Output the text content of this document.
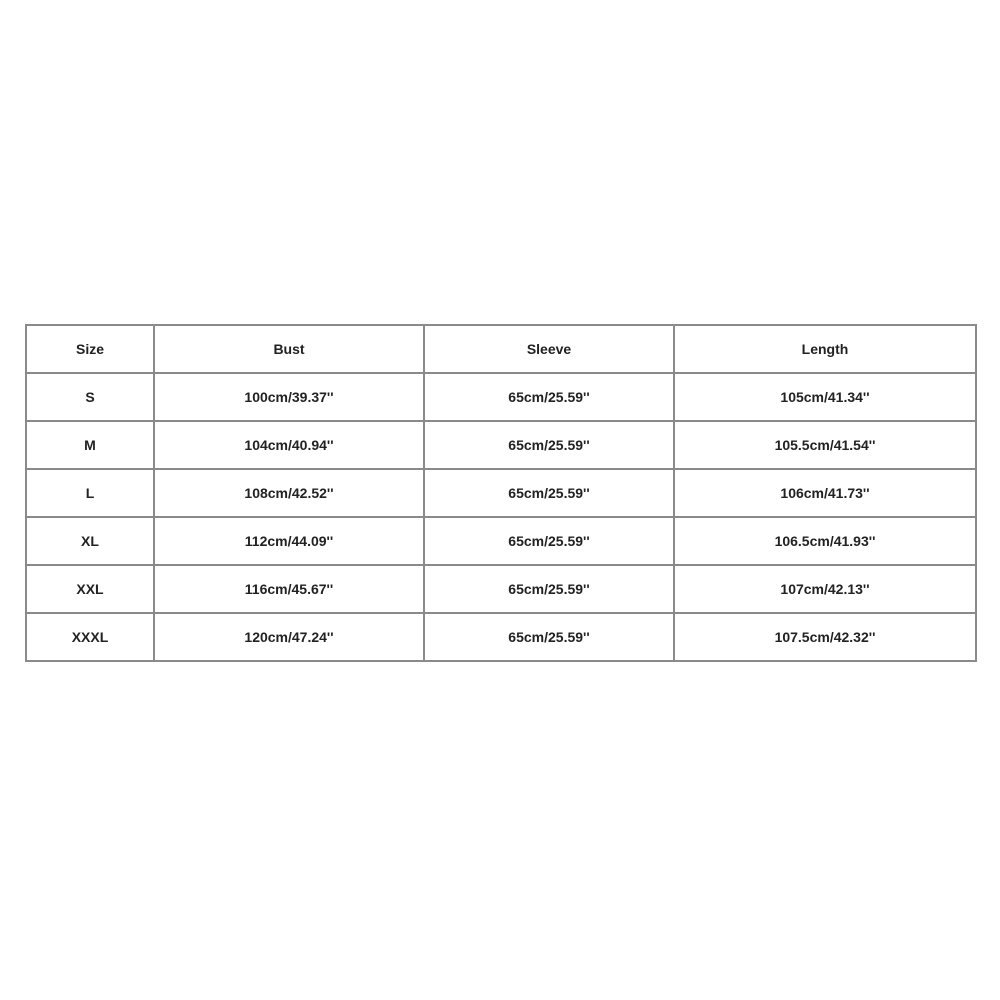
Size	Bust	Sleeve	Length
S	100cm/39.37''	65cm/25.59''	105cm/41.34''
M	104cm/40.94''	65cm/25.59''	105.5cm/41.54''
L	108cm/42.52''	65cm/25.59''	106cm/41.73''
XL	112cm/44.09''	65cm/25.59''	106.5cm/41.93''
XXL	116cm/45.67''	65cm/25.59''	107cm/42.13''
XXXL	120cm/47.24''	65cm/25.59''	107.5cm/42.32''
